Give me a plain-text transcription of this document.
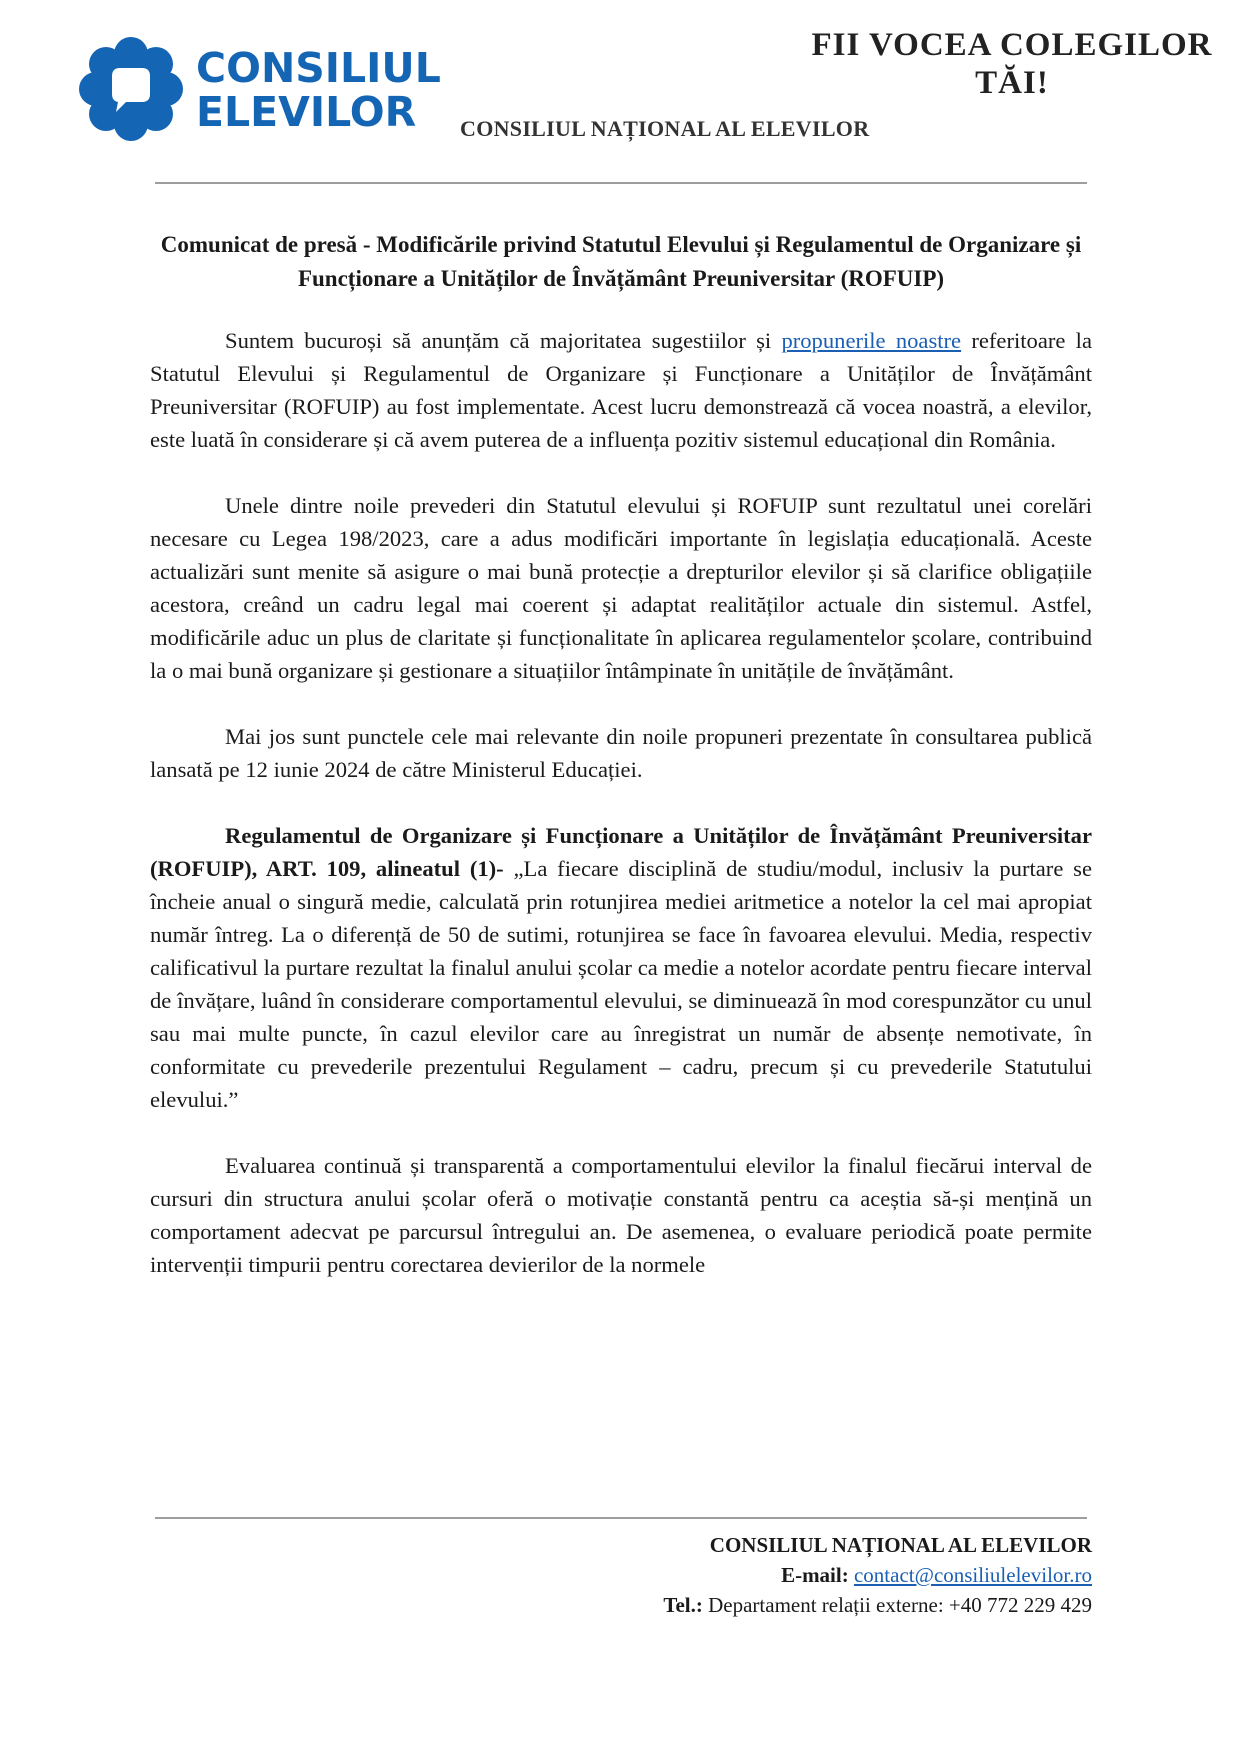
CONSILIUL
ELEVILOR
FII VOCEA COLEGILOR
TĂI!
CONSILIUL NAȚIONAL AL ELEVILOR
Comunicat de presă - Modificările privind Statutul Elevului și Regulamentul de Organizare și Funcționare a Unităților de Învățământ Preuniversitar (ROFUIP)

Suntem bucuroși să anunțăm că majoritatea sugestiilor și propunerile noastre referitoare la Statutul Elevului și Regulamentul de Organizare și Funcționare a Unităților de Învățământ Preuniversitar (ROFUIP) au fost implementate. Acest lucru demonstrează că vocea noastră, a elevilor, este luată în considerare și că avem puterea de a influența pozitiv sistemul educațional din România.

Unele dintre noile prevederi din Statutul elevului și ROFUIP sunt rezultatul unei corelări necesare cu Legea 198/2023, care a adus modificări importante în legislația educațională. Aceste actualizări sunt menite să asigure o mai bună protecție a drepturilor elevilor și să clarifice obligațiile acestora, creând un cadru legal mai coerent și adaptat realităților actuale din sistemul. Astfel, modificările aduc un plus de claritate și funcționalitate în aplicarea regulamentelor școlare, contribuind la o mai bună organizare și gestionare a situațiilor întâmpinate în unitățile de învățământ.

Mai jos sunt punctele cele mai relevante din noile propuneri prezentate în consultarea publică lansată pe 12 iunie 2024 de către Ministerul Educației.

Regulamentul de Organizare și Funcționare a Unităților de Învățământ Preuniversitar (ROFUIP), ART. 109, alineatul (1)- „La fiecare disciplină de studiu/modul, inclusiv la purtare se încheie anual o singură medie, calculată prin rotunjirea mediei aritmetice a notelor la cel mai apropiat număr întreg. La o diferență de 50 de sutimi, rotunjirea se face în favoarea elevului. Media, respectiv calificativul la purtare rezultat la finalul anului școlar ca medie a notelor acordate pentru fiecare interval de învățare, luând în considerare comportamentul elevului, se diminuează în mod corespunzător cu unul sau mai multe puncte, în cazul elevilor care au înregistrat un număr de absențe nemotivate, în conformitate cu prevederile prezentului Regulament – cadru, precum și cu prevederile Statutului elevului.”

Evaluarea continuă și transparentă a comportamentului elevilor la finalul fiecărui interval de cursuri din structura anului școlar oferă o motivație constantă pentru ca aceștia să-și mențină un comportament adecvat pe parcursul întregului an. De asemenea, o evaluare periodică poate permite intervenții timpurii pentru corectarea devierilor de la normele

CONSILIUL NAȚIONAL AL ELEVILOR
E-mail: contact@consiliulelevilor.ro
Tel.: Departament relații externe: +40 772 229 429
